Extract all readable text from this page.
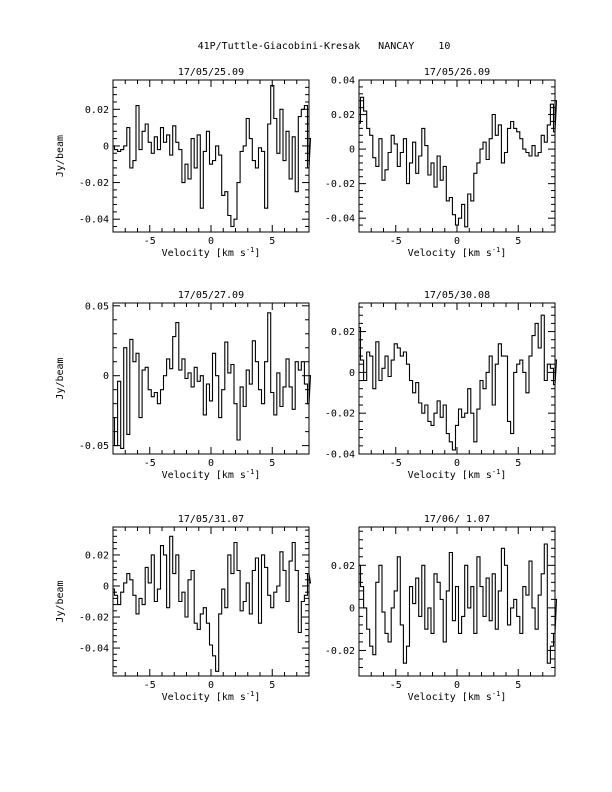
41P/Tuttle-Giacobini-Kresak   NANCAY    10
17/05/25.09
-5	0	5
-0.04
-0.02
0
0.02
Velocity [km $s^{-1}$]
Jy/beam
17/05/26.09
-5	0	5
-0.04
-0.02
0
0.02
0.04
Velocity [km $s^{-1}$]
17/05/27.09
-5	0	5
-0.05
0
0.05
Velocity [km $s^{-1}$]
Jy/beam
17/05/30.08
-5	0	5
-0.04
-0.02
0
0.02
Velocity [km $s^{-1}$]
17/05/31.07
-5	0	5
-0.04
-0.02
0
0.02
Velocity [km $s^{-1}$]
Jy/beam
17/06/ 1.07
-5	0	5
-0.02
0
0.02
Velocity [km $s^{-1}$]
